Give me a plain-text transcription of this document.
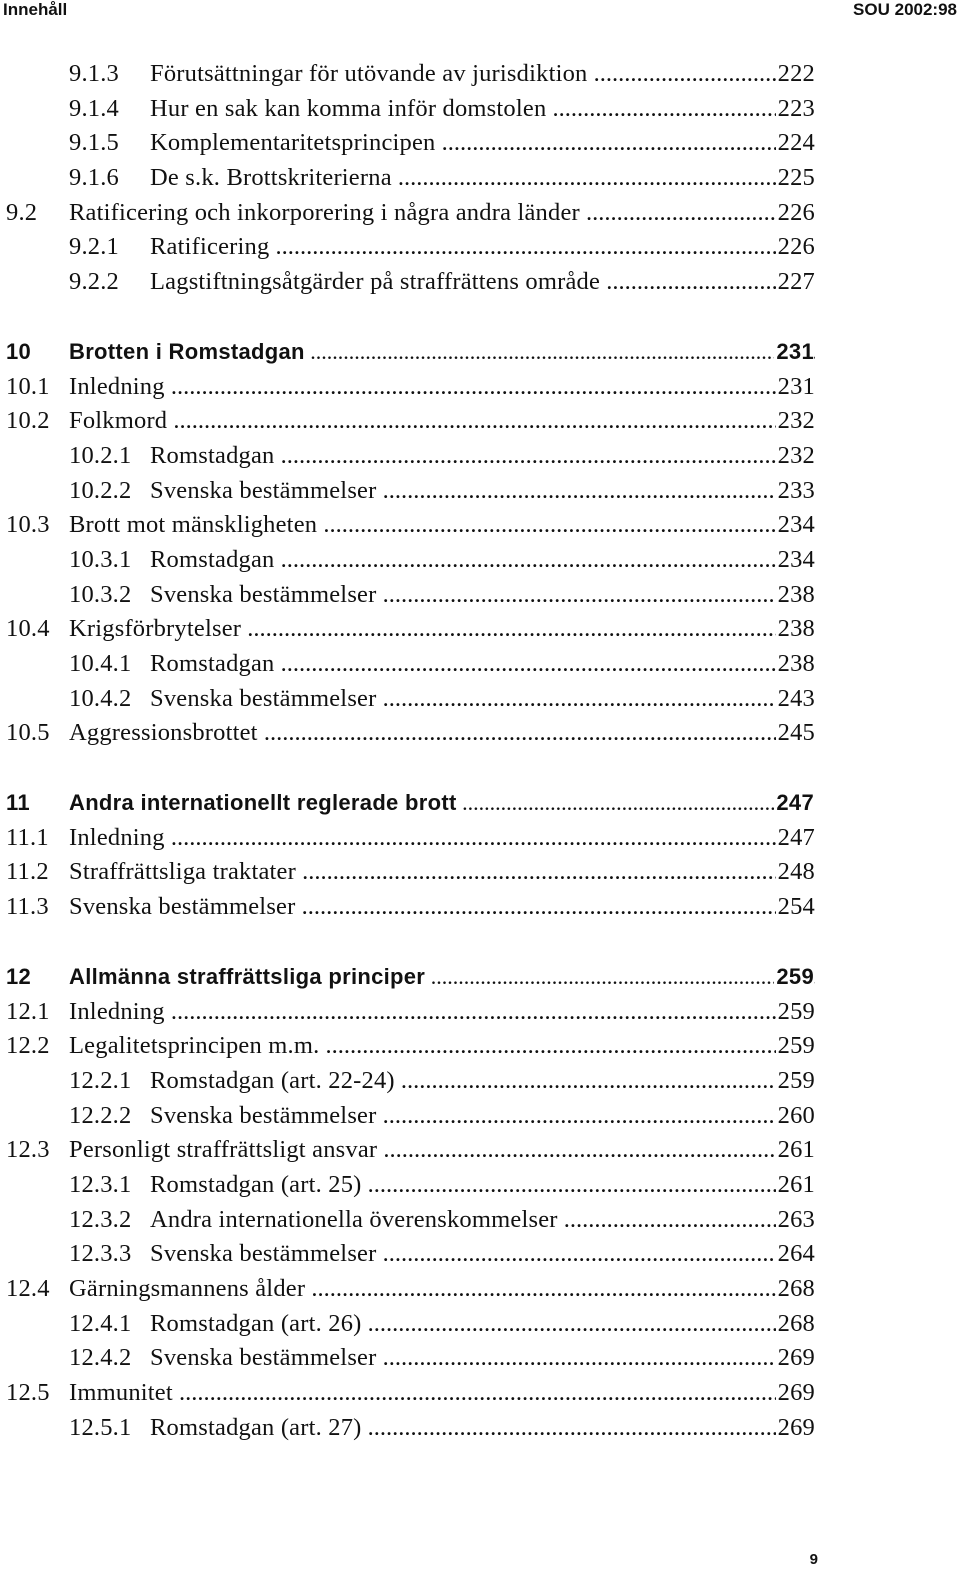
Innehåll	SOU 2002:98
9.1.3 Förutsättningar för utövande av jurisdiktion .....	222
9.1.4 Hur en sak kan komma inför domstolen .....	223
9.1.5 Komplementaritetsprincipen .....	224
9.1.6 De s.k. Brottskriterierna .....	225
9.2 Ratificering och inkorporering i några andra länder .....	226
9.2.1 Ratificering .....	226
9.2.2 Lagstiftningsåtgärder på straffrättens område .....	227
10 Brotten i Romstadgan .....	231
10.1 Inledning .....	231
10.2 Folkmord .....	232
10.2.1 Romstadgan .....	232
10.2.2 Svenska bestämmelser .....	233
10.3 Brott mot mänskligheten .....	234
10.3.1 Romstadgan .....	234
10.3.2 Svenska bestämmelser .....	238
10.4 Krigsförbrytelser .....	238
10.4.1 Romstadgan .....	238
10.4.2 Svenska bestämmelser .....	243
10.5 Aggressionsbrottet .....	245
11 Andra internationellt reglerade brott .....	247
11.1 Inledning .....	247
11.2 Straffrättsliga traktater .....	248
11.3 Svenska bestämmelser .....	254
12 Allmänna straffrättsliga principer .....	259
12.1 Inledning .....	259
12.2 Legalitetsprincipen m.m. .....	259
12.2.1 Romstadgan (art. 22-24) .....	259
12.2.2 Svenska bestämmelser .....	260
12.3 Personligt straffrättsligt ansvar .....	261
12.3.1 Romstadgan (art. 25) .....	261
12.3.2 Andra internationella överenskommelser .....	263
12.3.3 Svenska bestämmelser .....	264
12.4 Gärningsmannens ålder .....	268
12.4.1 Romstadgan (art. 26) .....	268
12.4.2 Svenska bestämmelser .....	269
12.5 Immunitet .....	269
12.5.1 Romstadgan (art. 27) .....	269
9
